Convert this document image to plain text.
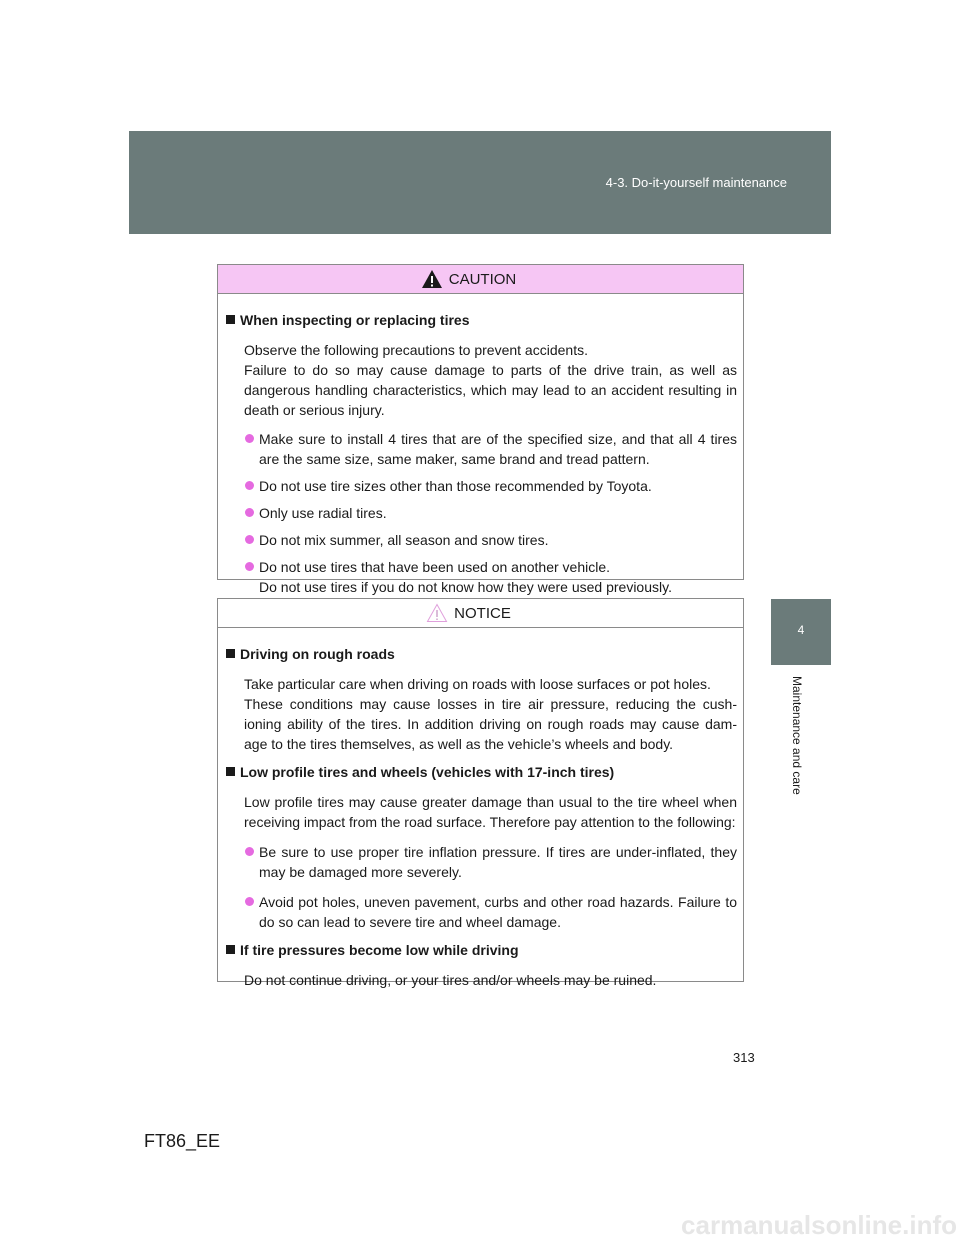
4-3. Do-it-yourself maintenance
4
Maintenance and care
CAUTION
When inspecting or replacing tires
Observe the following precautions to prevent accidents.
Failure to do so may cause damage to parts of the drive train, as well as dangerous handling characteristics, which may lead to an accident resulting in death or serious injury.
Make sure to install 4 tires that are of the specified size, and that all 4 tires are the same size, same maker, same brand and tread pattern.
Do not use tire sizes other than those recommended by Toyota.
Only use radial tires.
Do not mix summer, all season and snow tires.
Do not use tires that have been used on another vehicle.
Do not use tires if you do not know how they were used previously.
NOTICE
Driving on rough roads
Take particular care when driving on roads with loose surfaces or pot holes.
These conditions may cause losses in tire air pressure, reducing the cush- ioning ability of the tires. In addition driving on rough roads may cause dam- age to the tires themselves, as well as the vehicle’s wheels and body.
Low profile tires and wheels (vehicles with 17-inch tires)
Low profile tires may cause greater damage than usual to the tire wheel when receiving impact from the road surface. Therefore pay attention to the following:
Be sure to use proper tire inflation pressure. If tires are under-inflated, they may be damaged more severely.
Avoid pot holes, uneven pavement, curbs and other road hazards. Failure to do so can lead to severe tire and wheel damage.
If tire pressures become low while driving
Do not continue driving, or your tires and/or wheels may be ruined.
313
FT86_EE
carmanualsonline.info
